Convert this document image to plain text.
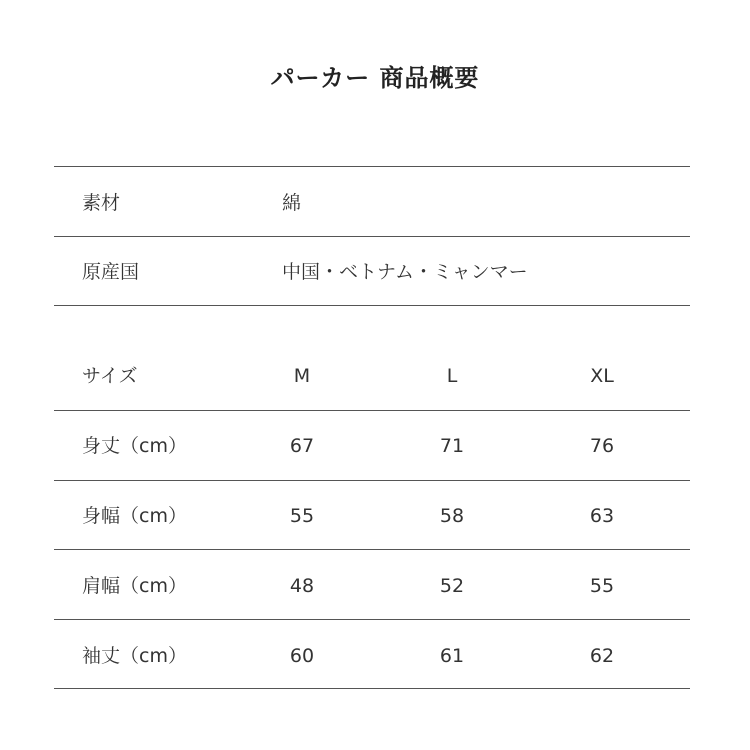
パーカー 商品概要
素材	綿
原産国	中国・ベトナム・ミャンマー
サイズ	M	L	XL
身丈（cm）	67	71	76
身幅（cm）	55	58	63
肩幅（cm）	48	52	55
袖丈（cm）	60	61	62
